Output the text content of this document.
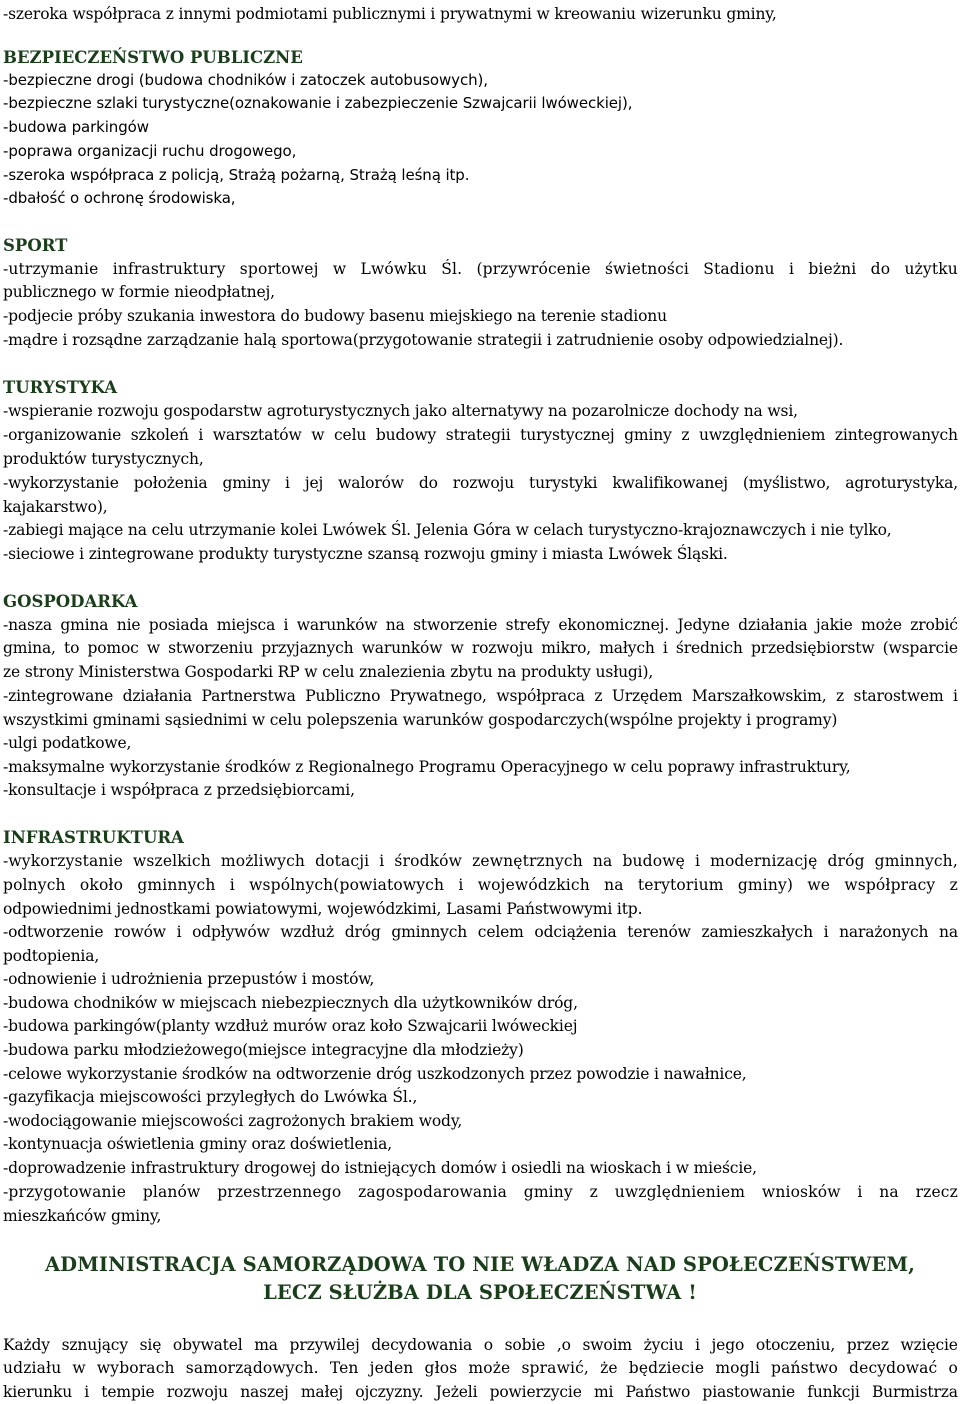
-szeroka współpraca z innymi podmiotami publicznymi i prywatnymi w kreowaniu wizerunku gminy,
BEZPIECZEŃSTWO PUBLICZNE
-bezpieczne drogi (budowa chodników i zatoczek autobusowych),
-bezpieczne szlaki turystyczne(oznakowanie i zabezpieczenie Szwajcarii lwóweckiej),
-budowa parkingów
-poprawa organizacji ruchu drogowego,
-szeroka współpraca z policją, Strażą pożarną, Strażą leśną itp.
-dbałość o ochronę środowiska,
SPORT
-utrzymanie infrastruktury sportowej w Lwówku Śl. (przywrócenie świetności Stadionu i bieżni do użytku
publicznego w formie nieodpłatnej,
-podjecie próby szukania inwestora do budowy basenu miejskiego na terenie stadionu
-mądre i rozsądne zarządzanie halą sportowa(przygotowanie strategii i zatrudnienie osoby odpowiedzialnej).
TURYSTYKA
-wspieranie rozwoju gospodarstw agroturystycznych jako alternatywy na pozarolnicze dochody na wsi,
-organizowanie szkoleń i warsztatów w celu budowy strategii turystycznej gminy z uwzględnieniem zintegrowanych
produktów turystycznych,
-wykorzystanie położenia gminy i jej walorów do rozwoju turystyki kwalifikowanej (myślistwo, agroturystyka,
kajakarstwo),
-zabiegi mające na celu utrzymanie kolei Lwówek Śl. Jelenia Góra w celach turystyczno-krajoznawczych i nie tylko,
-sieciowe i zintegrowane produkty turystyczne szansą rozwoju gminy i miasta Lwówek Śląski.
GOSPODARKA
-nasza gmina nie posiada miejsca i warunków na stworzenie strefy ekonomicznej. Jedyne działania jakie może zrobić
gmina, to pomoc w stworzeniu przyjaznych warunków w rozwoju mikro, małych i średnich przedsiębiorstw (wsparcie
ze strony Ministerstwa Gospodarki RP w celu znalezienia zbytu na produkty usługi),
-zintegrowane działania Partnerstwa Publiczno Prywatnego, współpraca z Urzędem Marszałkowskim, z starostwem i
wszystkimi gminami sąsiednimi w celu polepszenia warunków gospodarczych(wspólne projekty i programy)
-ulgi podatkowe,
-maksymalne wykorzystanie środków z Regionalnego Programu Operacyjnego w celu poprawy infrastruktury,
-konsultacje i współpraca z przedsiębiorcami,
INFRASTRUKTURA
-wykorzystanie wszelkich możliwych dotacji i środków zewnętrznych na budowę i modernizację dróg gminnych,
polnych około gminnych i wspólnych(powiatowych i wojewódzkich na terytorium gminy) we współpracy z
odpowiednimi jednostkami powiatowymi, wojewódzkimi, Lasami Państwowymi itp.
-odtworzenie rowów i odpływów wzdłuż dróg gminnych celem odciążenia terenów zamieszkałych i narażonych na
podtopienia,
-odnowienie i udrożnienia przepustów i mostów,
-budowa chodników w miejscach niebezpiecznych dla użytkowników dróg,
-budowa parkingów(planty wzdłuż murów oraz koło Szwajcarii lwóweckiej
-budowa parku młodzieżowego(miejsce integracyjne dla młodzieży)
-celowe wykorzystanie środków na odtworzenie dróg uszkodzonych przez powodzie i nawałnice,
-gazyfikacja miejscowości przyległych do Lwówka Śl.,
-wodociągowanie miejscowości zagrożonych brakiem wody,
-kontynuacja oświetlenia gminy oraz doświetlenia,
-doprowadzenie infrastruktury drogowej do istniejących domów i osiedli na wioskach i w mieście,
-przygotowanie planów przestrzennego zagospodarowania gminy z uwzględnieniem wniosków i na rzecz
mieszkańców gminy,
ADMINISTRACJA SAMORZĄDOWA TO NIE WŁADZA NAD SPOŁECZEŃSTWEM,
LECZ SŁUŻBA DLA SPOŁECZEŃSTWA !
Każdy sznujący się obywatel ma przywilej decydowania o sobie ,o swoim życiu i jego otoczeniu, przez wzięcie
udziału w wyborach samorządowych. Ten jeden głos może sprawić, że będziecie mogli państwo decydować o
kierunku i tempie rozwoju naszej małej ojczyzny. Jeżeli powierzycie mi Państwo piastowanie funkcji Burmistrza
